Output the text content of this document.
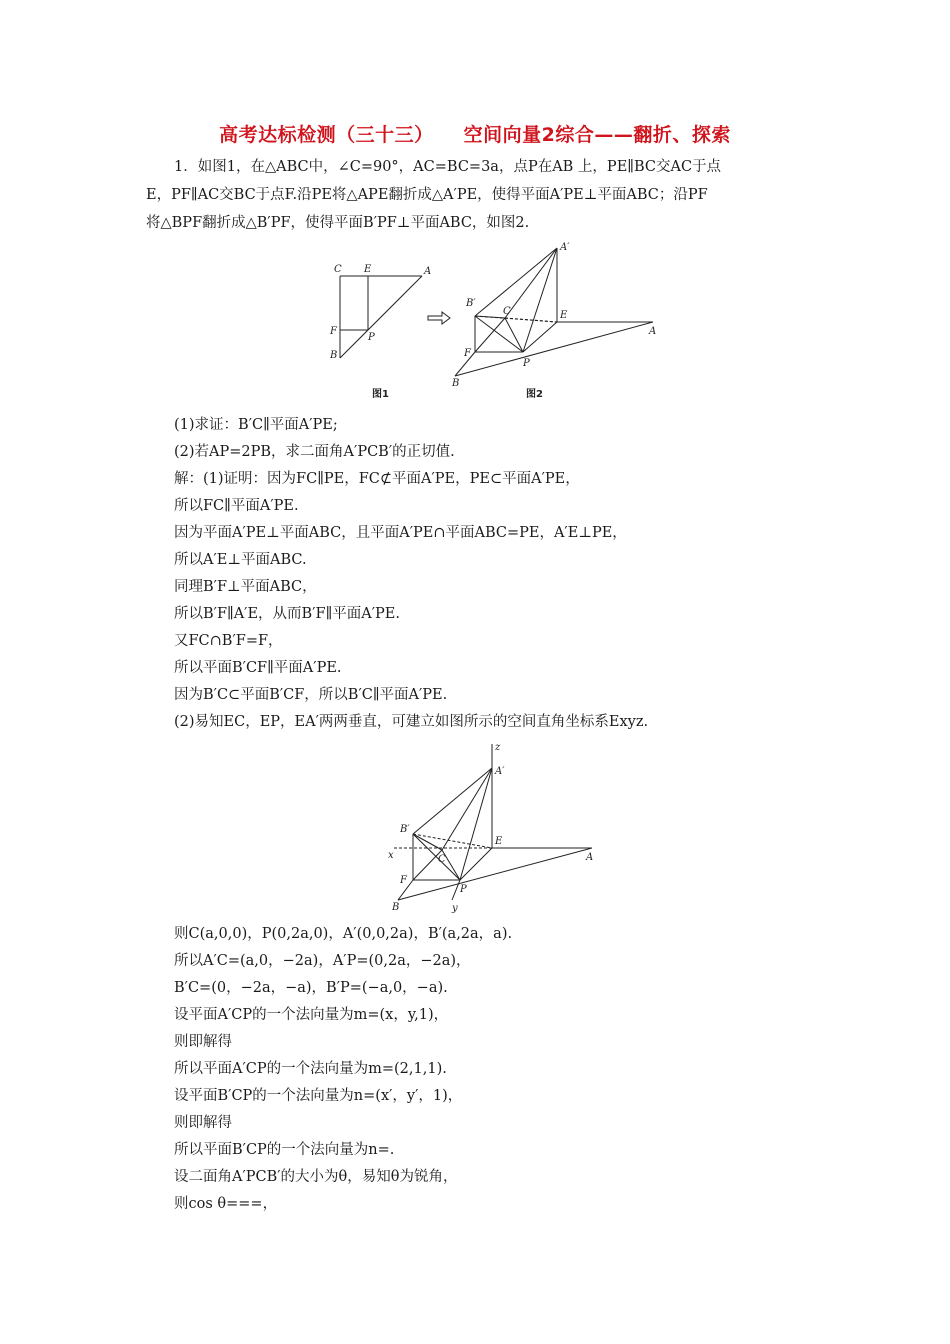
高考达标检测（三十三） 空间向量2综合——翻折、探索
1．如图1，在△ABC中，∠C=90°，AC=BC=3a，点P在AB 上，PE∥BC交AC于点
E，PF∥AC交BC于点F.沿PE将△APE翻折成△A′PE，使得平面A′PE⊥平面ABC；沿PF
将△BPF翻折成△B′PF，使得平面B′PF⊥平面ABC，如图2.
C E	A
F
P
B
图1
A′
B′
C	E
A
F
P
B
图2
(1)求证：B′C∥平面A′PE;
(2)若AP=2PB，求二面角A′PCB′的正切值.
解：(1)证明：因为FC∥PE，FC⊄平面A′PE，PE⊂平面A′PE，
所以FC∥平面A′PE.
因为平面A′PE⊥平面ABC，且平面A′PE∩平面ABC=PE，A′E⊥PE，
所以A′E⊥平面ABC.
同理B′F⊥平面ABC，
所以B′F∥A′E，从而B′F∥平面A′PE.
又FC∩B′F=F，
所以平面B′CF∥平面A′PE.
因为B′C⊂平面B′CF，所以B′C∥平面A′PE.
(2)易知EC，EP，EA′两两垂直，可建立如图所示的空间直角坐标系Exyz.
z
A′
B′
E
x	C	A
F
P
B	y
则C(a,0,0)，P(0,2a,0)，A′(0,0,2a)，B′(a,2a，a).
所以A′C=(a,0，−2a)，A′P=(0,2a，−2a)，
B′C=(0，−2a，−a)，B′P=(−a,0，−a).
设平面A′CP的一个法向量为m=(x，y,1)，
则即解得
所以平面A′CP的一个法向量为m=(2,1,1).
设平面B′CP的一个法向量为n=(x′，y′，1)，
则即解得
所以平面B′CP的一个法向量为n=.
设二面角A′PCB′的大小为θ，易知θ为锐角，
则cos θ===，
